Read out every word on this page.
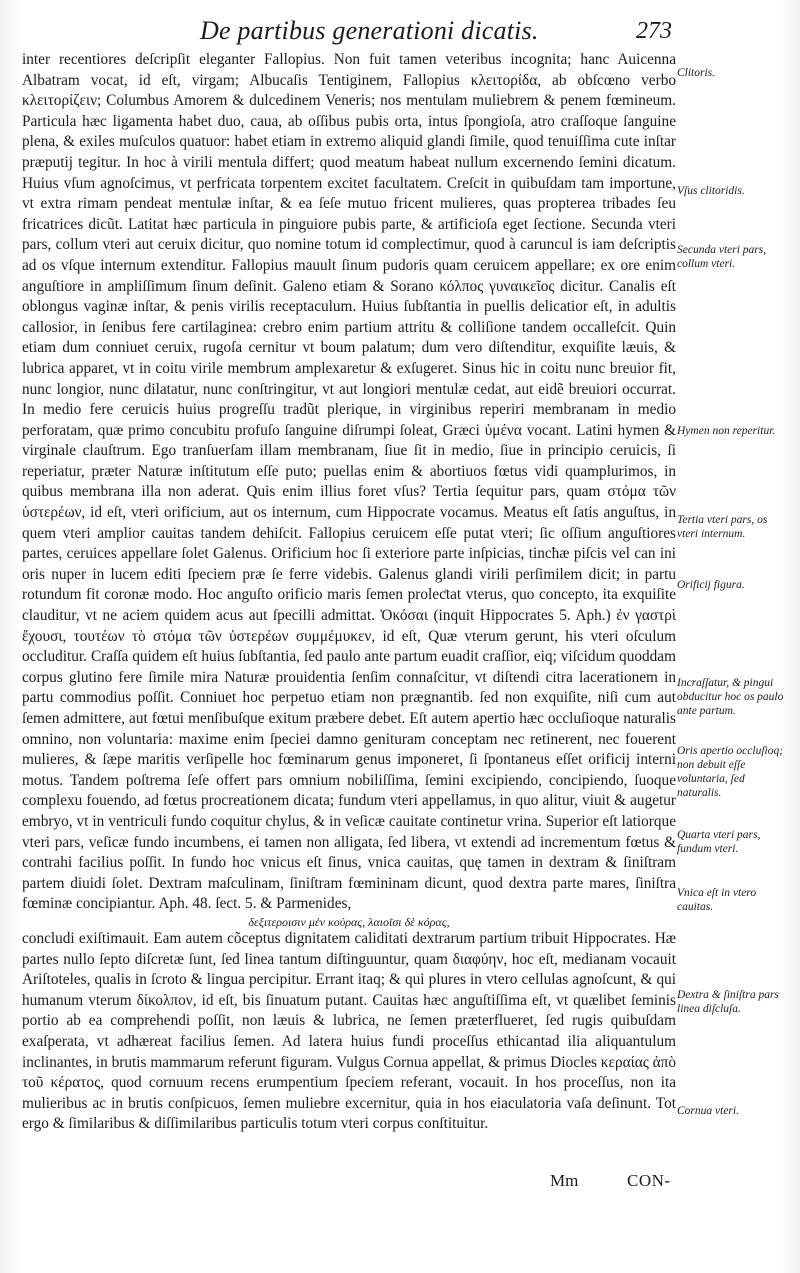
De partibus generationi dicatis.	273

inter recentiores deſcripſit eleganter Fallopius. Non fuit tamen veteribus incognita; hanc Auicenna Albatram vocat, id eſt, virgam; Albucaſis Tentiginem, Fallopius κλειτορίδα, ab obſcœno verbo κλειτορίζειν; Columbus Amorem & dulcedinem Veneris; nos mentulam muliebrem & penem fœmineum. Particula hæc ligamenta habet duo, caua, ab oſſibus pubis orta, intus ſpongioſa, atro craſſoque ſanguine plena, & exiles muſculos quatuor: habet etiam in extremo aliquid glandi ſimile, quod tenuiſſima cute inſtar præputij tegitur. In hoc à virili mentula differt; quod meatum habeat nullum excernendo ſemini dicatum. Huius vſum agnoſcimus, vt perfricata torpentem excitet facultatem. Creſcit in quibuſdam tam importune, vt extra rimam pendeat mentulæ inſtar, & ea ſeſe mutuo fricent mulieres, quas propterea tribades ſeu fricatrices dicũt. Latitat hæc particula in pinguiore pubis parte, & artificioſa eget ſectione. Secunda vteri pars, collum vteri aut ceruix dicitur, quo nomine totum id complectimur, quod à caruncul is iam deſcriptis ad os vſque internum extenditur. Fallopius mauult ſinum pudoris quam ceruicem appellare; ex ore enim anguſtiore in ampliſſimum ſinum deſinit. Galeno etiam & Sorano κόλπος γυναικεῖος dicitur. Canalis eſt oblongus vaginæ inſtar, & penis virilis receptaculum. Huius ſubſtantia in puellis delicatior eſt, in adultis callosior, in ſenibus fere cartilaginea: crebro enim partium attritu & colliſione tandem occalleſcit. Quin etiam dum conniuet ceruix, rugoſa cernitur vt boum palatum; dum vero diſtenditur, exquiſite læuis, & lubrica apparet, vt in coitu virile membrum amplexaretur & exſugeret. Sinus hic in coitu nunc breuior fit, nunc longior, nunc dilatatur, nunc conſtringitur, vt aut longiori mentulæ cedat, aut eidẽ breuiori occurrat. In medio fere ceruicis huius progreſſu tradũt plerique, in virginibus reperiri membranam in medio perforatam, quæ primo concubitu profuſo ſanguine diſrumpi ſoleat, Græci ὑμένα vocant. Latini hymen & virginale clauſtrum. Ego tranſuerſam illam membranam, ſiue ſit in medio, ſiue in principio ceruicis, ſi reperiatur, præter Naturæ inſtitutum eſſe puto; puellas enim & abortiuos fœtus vidi quamplurimos, in quibus membrana illa non aderat. Quis enim illius foret vſus? Tertia ſequitur pars, quam στόμα τῶν ὑστερέων, id eſt, vteri orificium, aut os internum, cum Hippocrate vocamus. Meatus eſt ſatis anguſtus, in quem vteri amplior cauitas tandem dehiſcit. Fallopius ceruicem eſſe putat vteri; ſic oſſium anguſtiores partes, ceruices appellare ſolet Galenus. Orificium hoc ſi exteriore parte inſpicias, tincħæ piſcis vel can ini oris nuper in lucem editi ſpeciem præ ſe ferre videbis. Galenus glandi virili perſimilem dicit; in partu rotundum fit coronæ modo. Hoc anguſto orificio maris ſemen proleƈtat vterus, quo concepto, ita exquiſite clauditur, vt ne aciem quidem acus aut ſpecilli admittat. Ὁκόσαι (inquit Hippocrates 5. Aph.) ἐν γαστρὶ ἔχουσι, τουτέων τὸ στόμα τῶν ὑστερέων συμμέμυκεν, id eſt, Quæ vterum gerunt, his vteri oſculum occluditur. Craſſa quidem eſt huius ſubſtantia, ſed paulo ante partum euadit craſſior, eiq; viſcidum quoddam corpus glutino fere ſimile mira Naturæ prouidentia ſenſim connaſcitur, vt diſtendi citra lacerationem in partu commodius poſſit. Conniuet hoc perpetuo etiam non prægnantib. ſed non exquiſite, niſi cum aut ſemen admittere, aut fœtui menſibuſque exitum præbere debet. Eſt autem apertio hæc occluſioque naturalis omnino, non voluntaria: maxime enim ſpeciei damno genituram conceptam nec retinerent, nec fouerent mulieres, & ſæpe maritis verſipelle hoc fœminarum genus imponeret, ſi ſpontaneus eſſet orificij interni motus. Tandem poſtrema ſeſe offert pars omnium nobiliſſima, ſemini excipiendo, concipiendo, ſuoque complexu fouendo, ad fœtus procreationem dicata; fundum vteri appellamus, in quo alitur, viuit & augetur embryo, vt in ventriculi fundo coquitur chylus, & in veſicæ cauitate continetur vrina. Superior eſt latiorque vteri pars, veſicæ fundo incumbens, ei tamen non alligata, ſed libera, vt extendi ad incrementum fœtus & contrahi facilius poſſit. In fundo hoc vnicus eſt ſinus, vnica cauitas, quę tamen in dextram & ſiniſtram partem diuidi ſolet. Dextram maſculinam, ſiniſtram fœmininam dicunt, quod dextra parte mares, ſiniſtra fœminæ concipiantur. Aph. 48. ſect. 5. & Parmenides,

δεξιτεροισιν μὲν κούρας, λαιοῖσι δὲ κόρας,

concludi exiſtimauit. Eam autem cõceptus dignitatem caliditati dextrarum partium tribuit Hippocrates. Hæ partes nullo ſepto diſcretæ ſunt, ſed linea tantum diſtinguuntur, quam διαφύην, hoc eſt, medianam vocauit Ariſtoteles, qualis in ſcroto & lingua percipitur. Errant itaq; & qui plures in vtero cellulas agnoſcunt, & qui humanum vterum δίκολπον, id eſt, bis ſinuatum putant. Cauitas hæc anguſtiſſima eſt, vt quælibet ſeminis portio ab ea comprehendi poſſit, non læuis & lubrica, ne ſemen præterflueret, ſed rugis quibuſdam exaſperata, vt adhæreat facilius ſemen. Ad latera huius fundi proceſſus ethicantad ilia aliquantulum inclinantes, in brutis mammarum referunt figuram. Vulgus Cornua appellat, & primus Diocles κεραίας ἀπὸ τοῦ κέρατος, quod cornuum recens erumpentium ſpeciem referant, vocauit. In hos proceſſus, non ita mulieribus ac in brutis conſpicuos, ſemen muliebre excernitur, quia in hos eiaculatoria vaſa deſinunt. Tot ergo & ſimilaribus & diſſimilaribus particulis totum vteri corpus conſtituitur.

Clitoris.
Vſus clitoridis.
Secunda vteri pars, collum vteri.
Hymen non reperitur.
Tertia vteri pars, os vteri internum.
Orificij figura.
Incraſſatur, & pingui obducitur hoc os paulo ante partum.
Oris apertio occluſioq; non debuit eſſe voluntaria, ſed naturalis.
Quarta vteri pars, fundum vteri.
Vnica eſt in vtero cauitas.
Dextra & ſiniſtra pars linea diſcluſa.
Cornua vteri.
Mm	CON-
